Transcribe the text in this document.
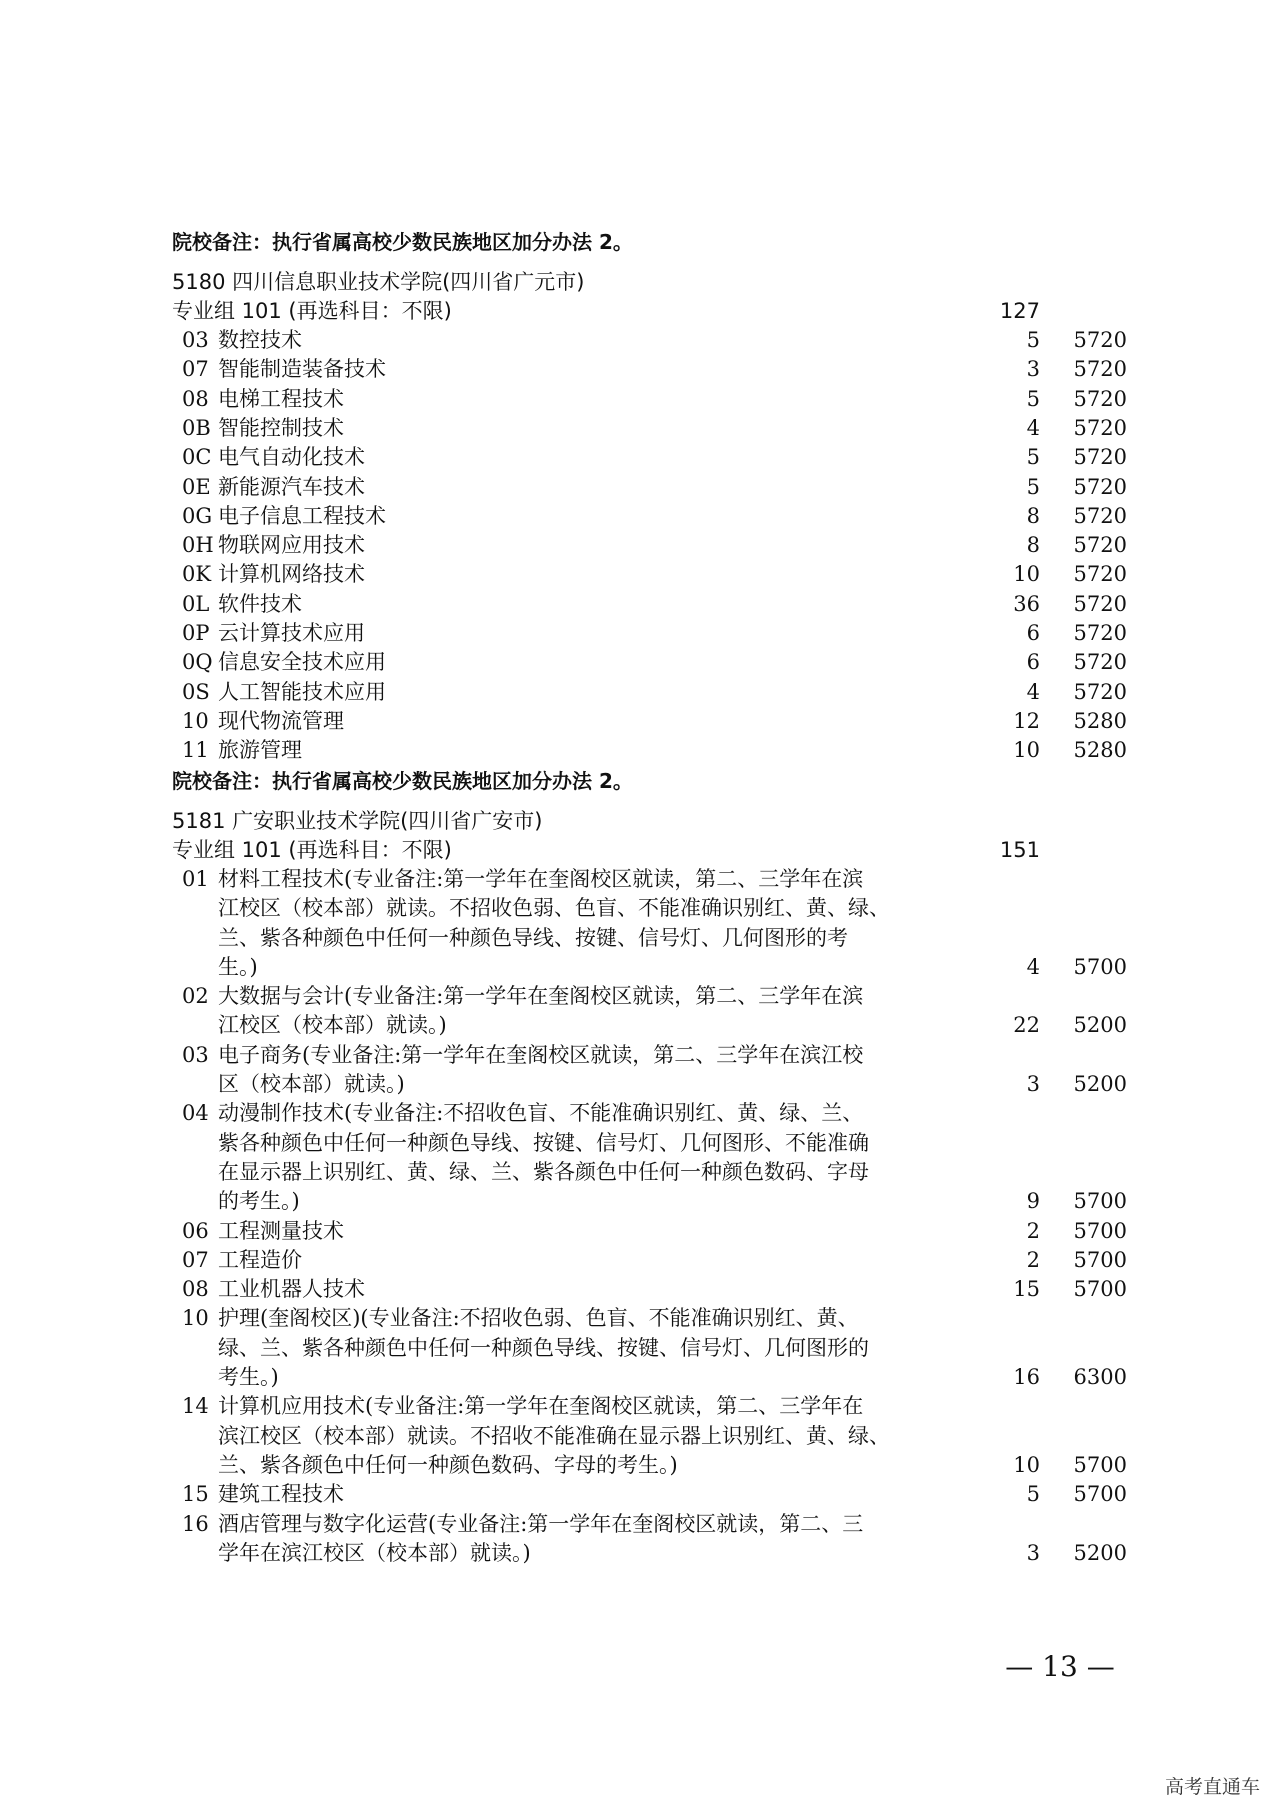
院校备注：执行省属高校少数民族地区加分办法 2。
5180 四川信息职业技术学院(四川省广元市)
专业组 101 (再选科目：不限)	127
03 数控技术	5	5720
07 智能制造装备技术	3	5720
08 电梯工程技术	5	5720
0B 智能控制技术	4	5720
0C 电气自动化技术	5	5720
0E 新能源汽车技术	5	5720
0G 电子信息工程技术	8	5720
0H 物联网应用技术	8	5720
0K 计算机网络技术	10	5720
0L 软件技术	36	5720
0P 云计算技术应用	6	5720
0Q 信息安全技术应用	6	5720
0S 人工智能技术应用	4	5720
10 现代物流管理	12	5280
11 旅游管理	10	5280
院校备注：执行省属高校少数民族地区加分办法 2。
5181 广安职业技术学院(四川省广安市)
专业组 101 (再选科目：不限)	151
01 材料工程技术(专业备注:第一学年在奎阁校区就读，第二、三学年在滨
江校区（校本部）就读。不招收色弱、色盲、不能准确识别红、黄、绿、
兰、紫各种颜色中任何一种颜色导线、按键、信号灯、几何图形的考
生。)	4	5700
02 大数据与会计(专业备注:第一学年在奎阁校区就读，第二、三学年在滨
江校区（校本部）就读。)	22	5200
03 电子商务(专业备注:第一学年在奎阁校区就读，第二、三学年在滨江校
区（校本部）就读。)	3	5200
04 动漫制作技术(专业备注:不招收色盲、不能准确识别红、黄、绿、兰、
紫各种颜色中任何一种颜色导线、按键、信号灯、几何图形、不能准确
在显示器上识别红、黄、绿、兰、紫各颜色中任何一种颜色数码、字母
的考生。)	9	5700
06 工程测量技术	2	5700
07 工程造价	2	5700
08 工业机器人技术	15	5700
10 护理(奎阁校区)(专业备注:不招收色弱、色盲、不能准确识别红、黄、
绿、兰、紫各种颜色中任何一种颜色导线、按键、信号灯、几何图形的
考生。)	16	6300
14 计算机应用技术(专业备注:第一学年在奎阁校区就读，第二、三学年在
滨江校区（校本部）就读。不招收不能准确在显示器上识别红、黄、绿、
兰、紫各颜色中任何一种颜色数码、字母的考生。)	10	5700
15 建筑工程技术	5	5700
16 酒店管理与数字化运营(专业备注:第一学年在奎阁校区就读，第二、三
学年在滨江校区（校本部）就读。)	3	5200
— 13 —
高考直通车
